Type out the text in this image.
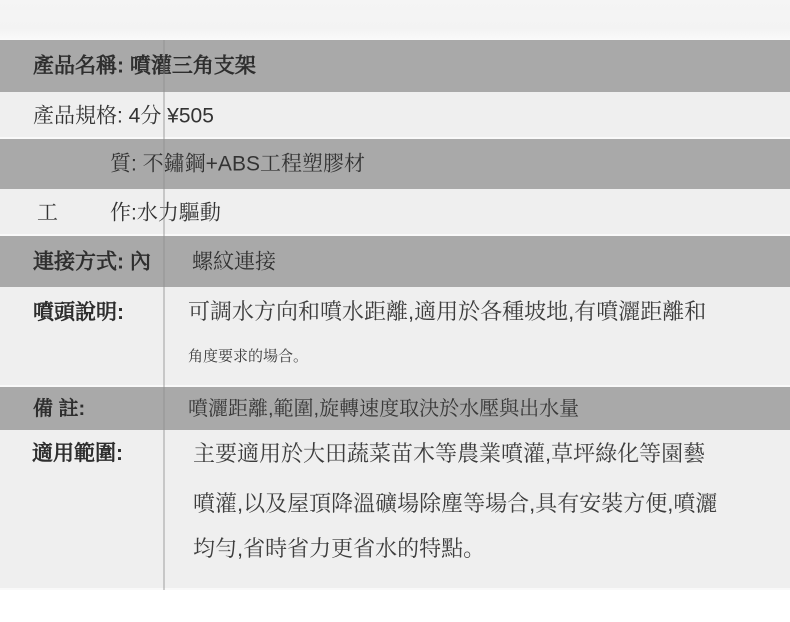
產品名稱: 噴灌三角支架
產品規格: 4分 ¥505
質: 不鏽鋼+ABS工程塑膠材
工 作:水力驅動
連接方式: 內 螺紋連接
噴頭說明:	可調水方向和噴水距離,適用於各種坡地,有噴灑距離和
角度要求的場合。
備 註:	噴灑距離,範圍,旋轉速度取決於水壓與出水量
適用範圍:	主要適用於大田蔬菜苗木等農業噴灌,草坪綠化等園藝
噴灌,以及屋頂降溫礦場除塵等場合,具有安裝方便,噴灑
均勻,省時省力更省水的特點。
